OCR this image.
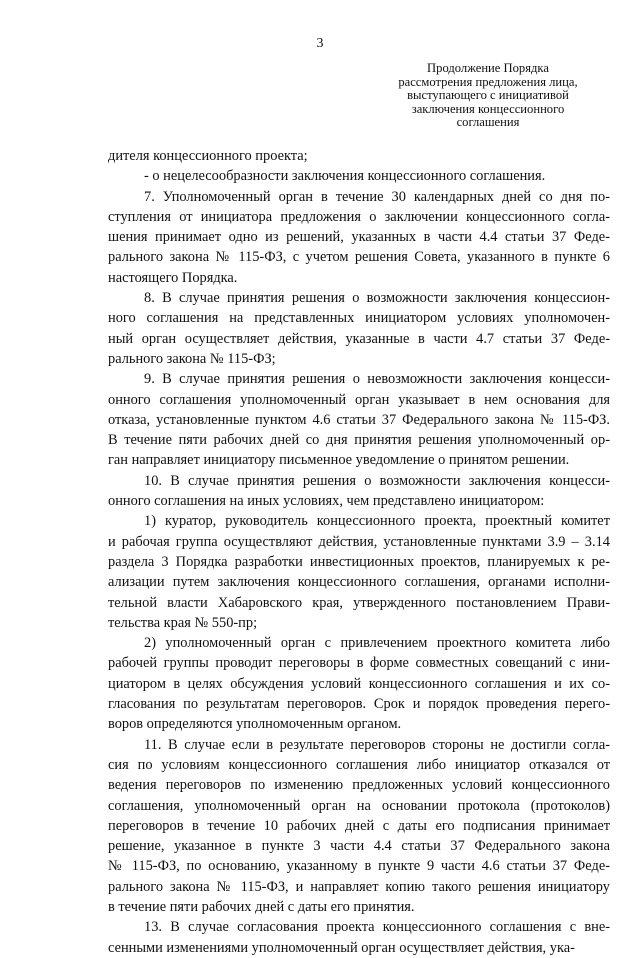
3
Продолжение Порядка
рассмотрения предложения лица,
выступающего с инициативой
заключения концессионного
соглашения
дителя концессионного проекта;
- о нецелесообразности заключения концессионного соглашения.
7. Уполномоченный орган в течение 30 календарных дней со дня по-
ступления от инициатора предложения о заключении концессионного согла-
шения принимает одно из решений, указанных в части 4.4 статьи 37 Феде-
рального закона № 115-ФЗ, с учетом решения Совета, указанного в пункте 6
настоящего Порядка.
8. В случае принятия решения о возможности заключения концессион-
ного соглашения на представленных инициатором условиях уполномочен-
ный орган осуществляет действия, указанные в части 4.7 статьи 37 Феде-
рального закона № 115-ФЗ;
9. В случае принятия решения о невозможности заключения концесси-
онного соглашения уполномоченный орган указывает в нем основания для
отказа, установленные пунктом 4.6 статьи 37 Федерального закона № 115-ФЗ.
В течение пяти рабочих дней со дня принятия решения уполномоченный ор-
ган направляет инициатору письменное уведомление о принятом решении.
10. В случае принятия решения о возможности заключения концесси-
онного соглашения на иных условиях, чем представлено инициатором:
1) куратор, руководитель концессионного проекта, проектный комитет
и рабочая группа осуществляют действия, установленные пунктами 3.9 – 3.14
раздела 3 Порядка разработки инвестиционных проектов, планируемых к ре-
ализации путем заключения концессионного соглашения, органами исполни-
тельной власти Хабаровского края, утвержденного постановлением Прави-
тельства края № 550-пр;
2) уполномоченный орган с привлечением проектного комитета либо
рабочей группы проводит переговоры в форме совместных совещаний с ини-
циатором в целях обсуждения условий концессионного соглашения и их со-
гласования по результатам переговоров. Срок и порядок проведения перего-
воров определяются уполномоченным органом.
11. В случае если в результате переговоров стороны не достигли согла-
сия по условиям концессионного соглашения либо инициатор отказался от
ведения переговоров по изменению предложенных условий концессионного
соглашения, уполномоченный орган на основании протокола (протоколов)
переговоров в течение 10 рабочих дней с даты его подписания принимает
решение, указанное в пункте 3 части 4.4 статьи 37 Федерального закона
№ 115-ФЗ, по основанию, указанному в пункте 9 части 4.6 статьи 37 Феде-
рального закона № 115-ФЗ, и направляет копию такого решения инициатору
в течение пяти рабочих дней с даты его принятия.
13. В случае согласования проекта концессионного соглашения с вне-
сенными изменениями уполномоченный орган осуществляет действия, ука-
